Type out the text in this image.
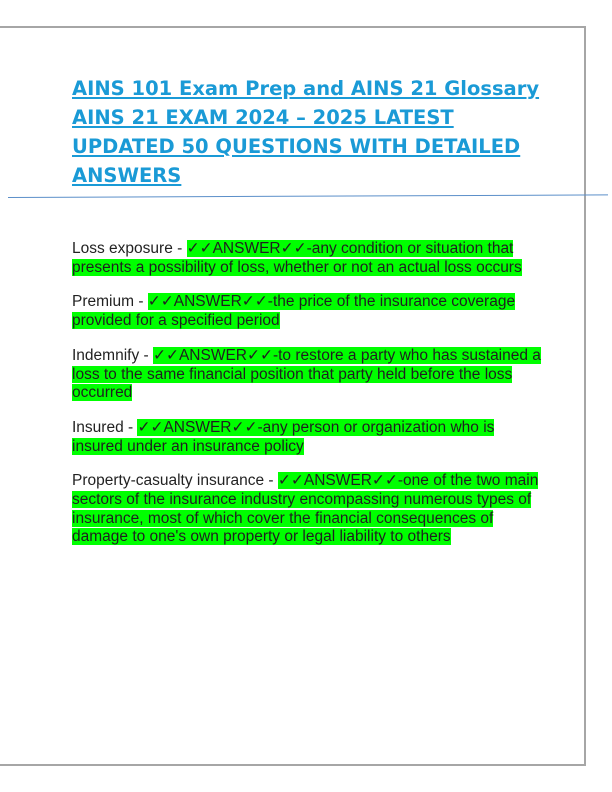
AINS 101 Exam Prep and AINS 21 Glossary AINS 21 EXAM 2024 – 2025 LATEST UPDATED 50 QUESTIONS WITH DETAILED ANSWERS

Loss exposure - ✓✓ANSWER✓✓-any condition or situation that presents a possibility of loss, whether or not an actual loss occurs

Premium - ✓✓ANSWER✓✓-the price of the insurance coverage provided for a specified period

Indemnify - ✓✓ANSWER✓✓-to restore a party who has sustained a loss to the same financial position that party held before the loss occurred

Insured - ✓✓ANSWER✓✓-any person or organization who is insured under an insurance policy

Property-casualty insurance - ✓✓ANSWER✓✓-one of the two main sectors of the insurance industry encompassing numerous types of insurance, most of which cover the financial consequences of damage to one's own property or legal liability to others
